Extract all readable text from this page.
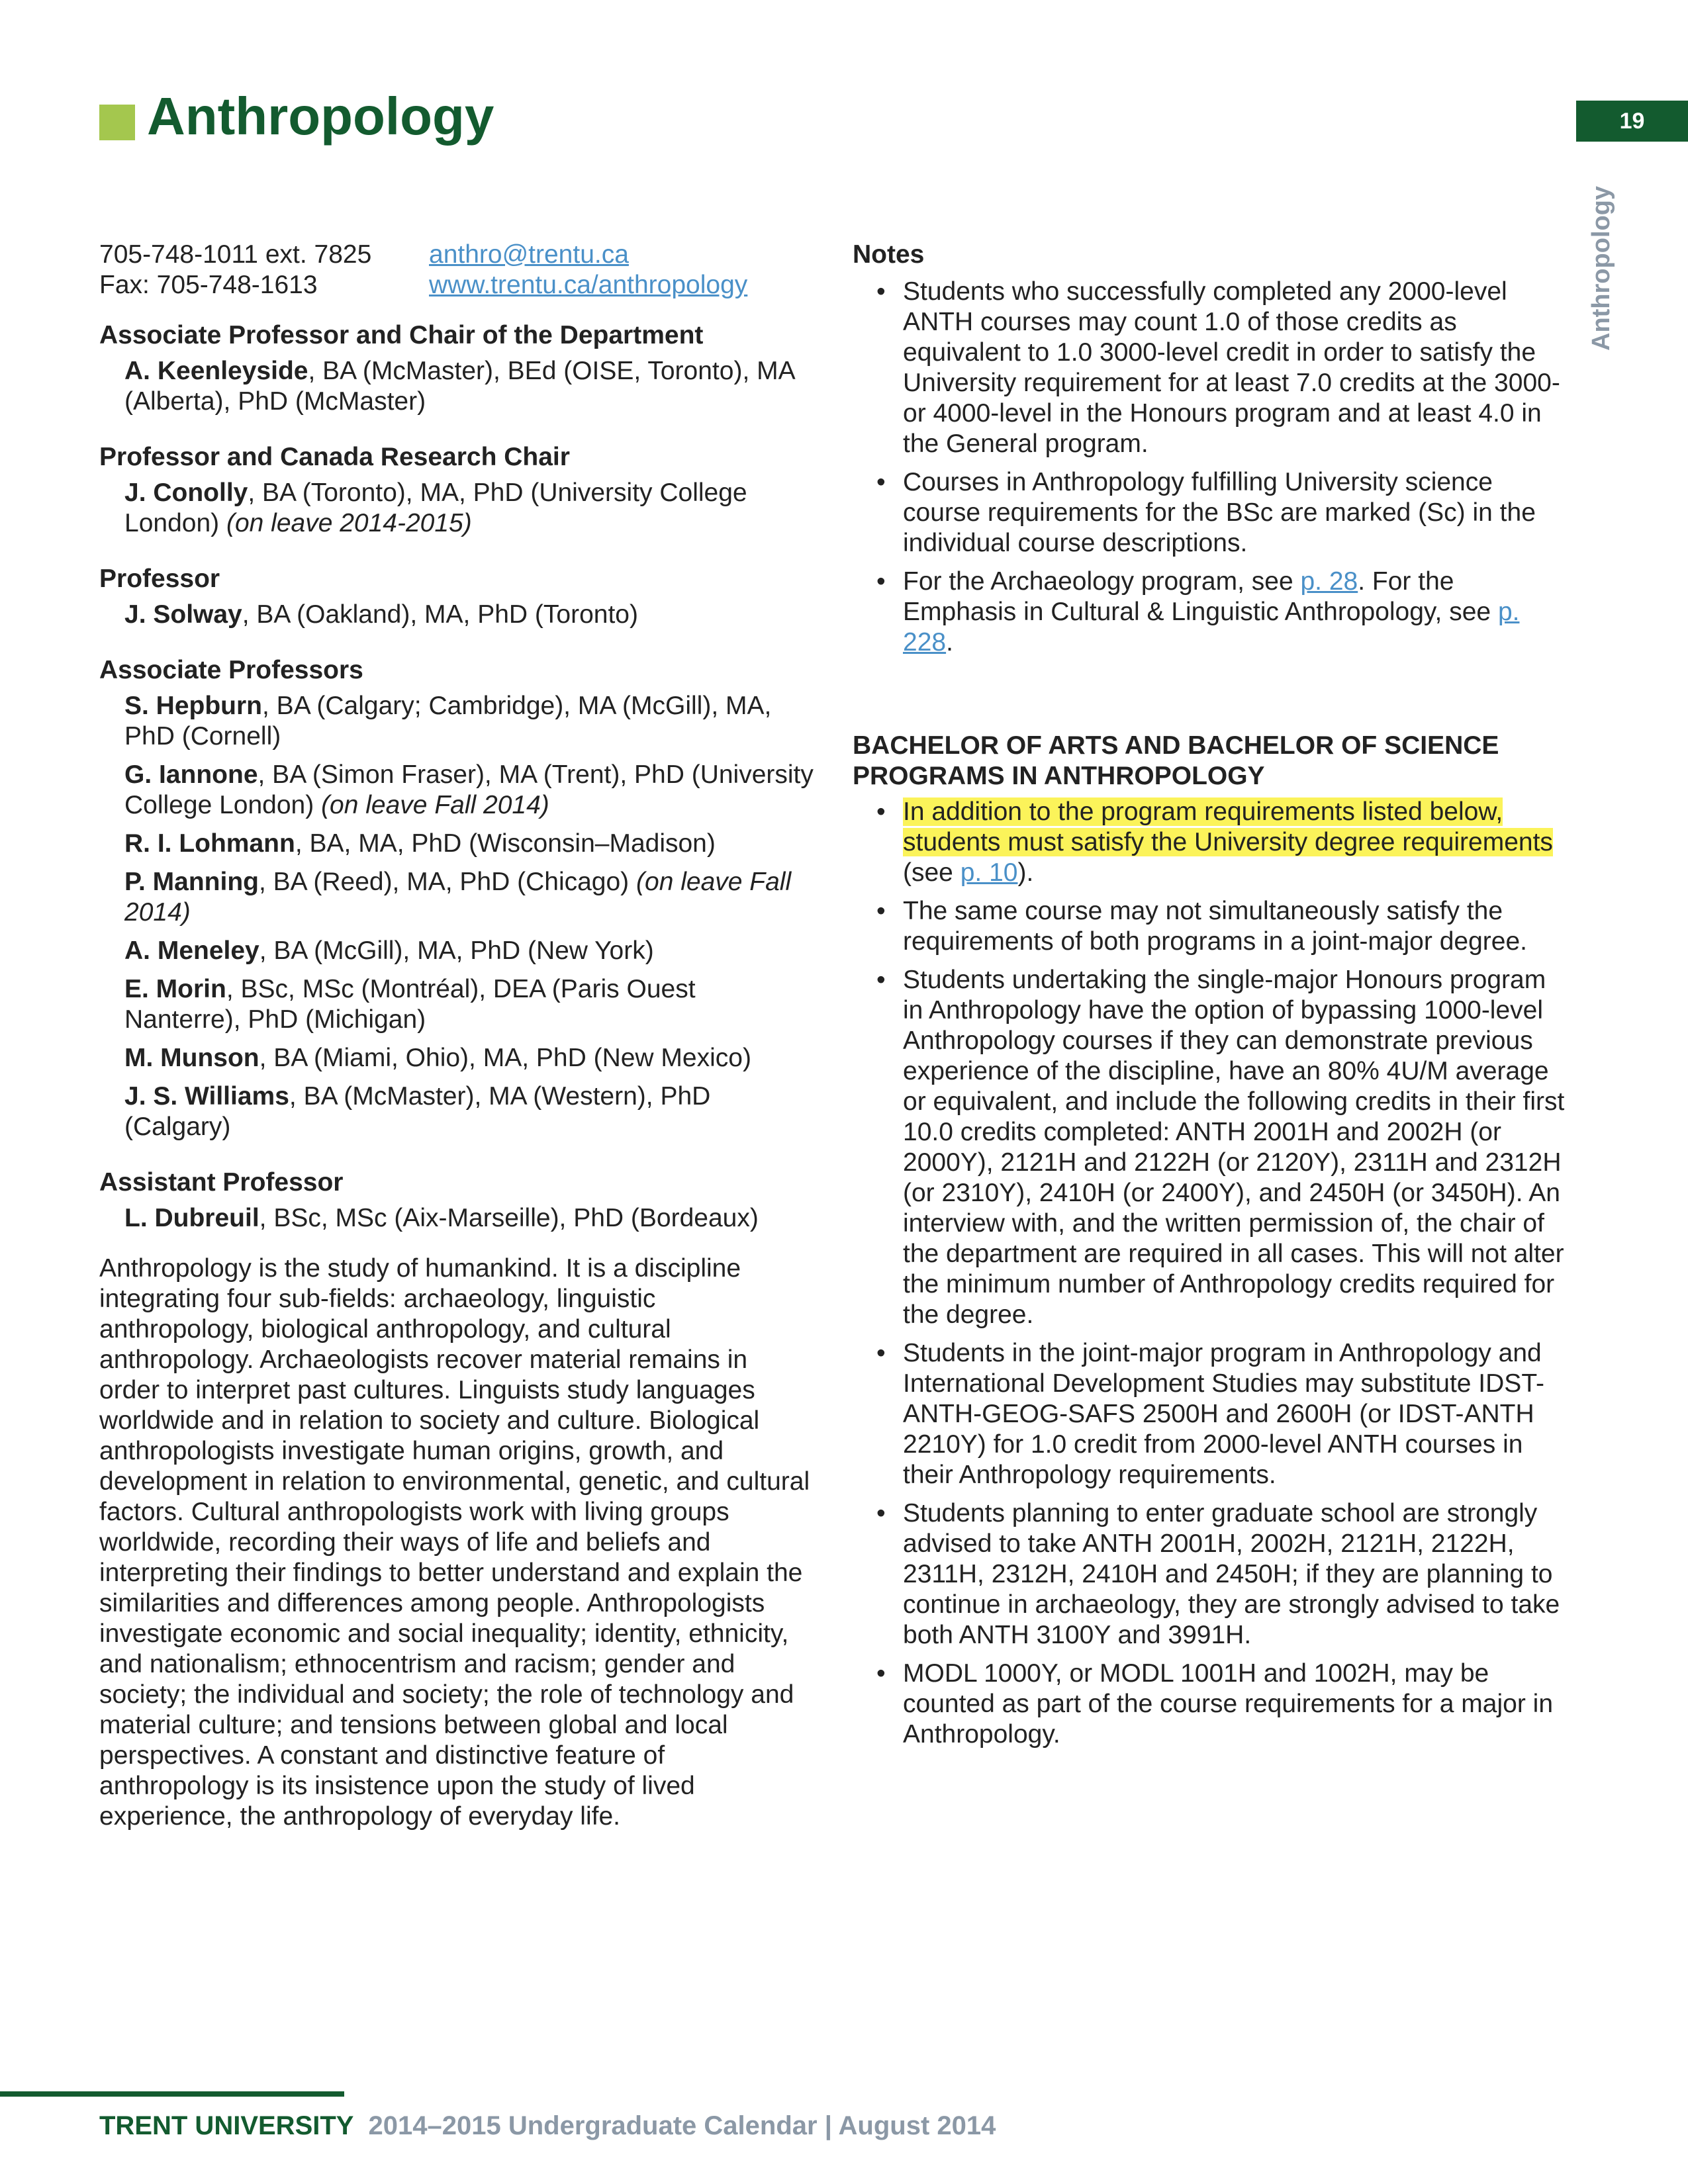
Anthropology	19
Anthropology
705-748-1011 ext. 7825	anthro@trentu.ca
Fax: 705-748-1613	www.trentu.ca/anthropology
Associate Professor and Chair of the Department
A. Keenleyside, BA (McMaster), BEd (OISE, Toronto), MA (Alberta), PhD (McMaster)
Professor and Canada Research Chair
J. Conolly, BA (Toronto), MA, PhD (University College London) (on leave 2014-2015)
Professor
J. Solway, BA (Oakland), MA, PhD (Toronto)
Associate Professors
S. Hepburn, BA (Calgary; Cambridge), MA (McGill), MA, PhD (Cornell)
G. Iannone, BA (Simon Fraser), MA (Trent), PhD (University College London) (on leave Fall 2014)
R. I. Lohmann, BA, MA, PhD (Wisconsin–Madison)
P. Manning, BA (Reed), MA, PhD (Chicago) (on leave Fall 2014)
A. Meneley, BA (McGill), MA, PhD (New York)
E. Morin, BSc, MSc (Montréal), DEA (Paris Ouest Nanterre), PhD (Michigan)
M. Munson, BA (Miami, Ohio), MA, PhD (New Mexico)
J. S. Williams, BA (McMaster), MA (Western), PhD (Calgary)
Assistant Professor
L. Dubreuil, BSc, MSc (Aix-Marseille), PhD (Bordeaux)
Anthropology is the study of humankind. It is a discipline integrating four sub-fields: archaeology, linguistic anthropology, biological anthropology, and cultural anthropology. Archaeologists recover material remains in order to interpret past cultures. Linguists study languages worldwide and in relation to society and culture. Biological anthropologists investigate human origins, growth, and development in relation to environmental, genetic, and cultural factors. Cultural anthropologists work with living groups worldwide, recording their ways of life and beliefs and interpreting their findings to better understand and explain the similarities and differences among people. Anthropologists investigate economic and social inequality; identity, ethnicity, and nationalism; ethnocentrism and racism; gender and society; the individual and society; the role of technology and material culture; and tensions between global and local perspectives. A constant and distinctive feature of anthropology is its insistence upon the study of lived experience, the anthropology of everyday life.
Notes
• Students who successfully completed any 2000-level ANTH courses may count 1.0 of those credits as equivalent to 1.0 3000-level credit in order to satisfy the University requirement for at least 7.0 credits at the 3000- or 4000-level in the Honours program and at least 4.0 in the General program.
• Courses in Anthropology fulfilling University science course requirements for the BSc are marked (Sc) in the individual course descriptions.
• For the Archaeology program, see p. 28. For the Emphasis in Cultural & Linguistic Anthropology, see p. 228.
BACHELOR OF ARTS AND BACHELOR OF SCIENCE PROGRAMS IN ANTHROPOLOGY
• In addition to the program requirements listed below, students must satisfy the University degree requirements (see p. 10).
• The same course may not simultaneously satisfy the requirements of both programs in a joint-major degree.
• Students undertaking the single-major Honours program in Anthropology have the option of bypassing 1000-level Anthropology courses if they can demonstrate previous experience of the discipline, have an 80% 4U/M average or equivalent, and include the following credits in their first 10.0 credits completed: ANTH 2001H and 2002H (or 2000Y), 2121H and 2122H (or 2120Y), 2311H and 2312H (or 2310Y), 2410H (or 2400Y), and 2450H (or 3450H). An interview with, and the written permission of, the chair of the department are required in all cases. This will not alter the minimum number of Anthropology credits required for the degree.
• Students in the joint-major program in Anthropology and International Development Studies may substitute IDST-ANTH-GEOG-SAFS 2500H and 2600H (or IDST-ANTH 2210Y) for 1.0 credit from 2000-level ANTH courses in their Anthropology requirements.
• Students planning to enter graduate school are strongly advised to take ANTH 2001H, 2002H, 2121H, 2122H, 2311H, 2312H, 2410H and 2450H; if they are planning to continue in archaeology, they are strongly advised to take both ANTH 3100Y and 3991H.
• MODL 1000Y, or MODL 1001H and 1002H, may be counted as part of the course requirements for a major in Anthropology.
TRENT UNIVERSITY 2014–2015 Undergraduate Calendar | August 2014
